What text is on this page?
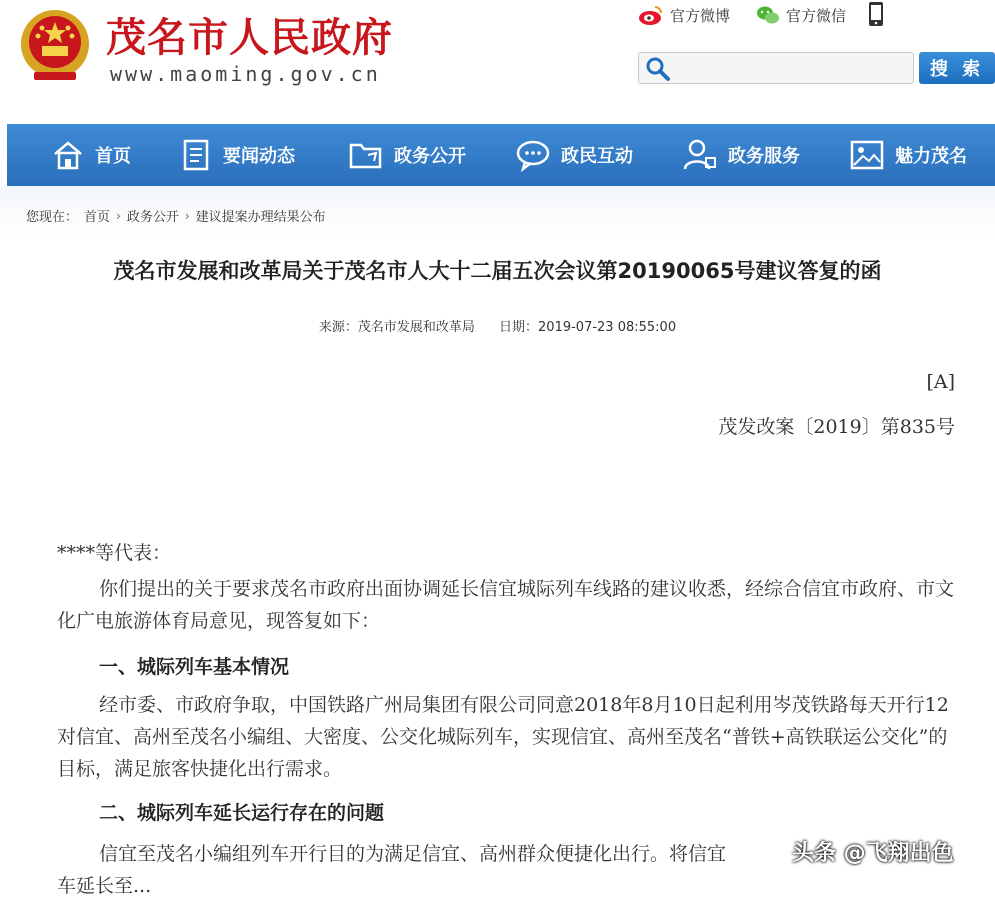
茂名市人民政府
www.maoming.gov.cn
官方微博	官方微信
搜 索
首页	要闻动态	政务公开	政民互动	政务服务	魅力茂名
您现在： 首页 › 政务公开 › 建议提案办理结果公布
茂名市发展和改革局关于茂名市人大十二届五次会议第20190065号建议答复的函
来源：茂名市发展和改革局 日期：2019-07-23 08:55:00
[A]
茂发改案〔2019〕第835号
****等代表：

你们提出的关于要求茂名市政府出面协调延长信宜城际列车线路的建议收悉，经综合信宜市政府、市文化广电旅游体育局意见，现答复如下：

一、城际列车基本情况

经市委、市政府争取，中国铁路广州局集团有限公司同意2018年8月10日起利用岑茂铁路每天开行12对信宜、高州至茂名小编组、大密度、公交化城际列车，实现信宜、高州至茂名“普铁+高铁联运公交化”的目标，满足旅客快捷化出行需求。

二、城际列车延长运行存在的问题

信宜至茂名小编组列车开行目的为满足信宜、高州群众便捷化出行。将信宜

车延长至...

头条 @飞翔出色
